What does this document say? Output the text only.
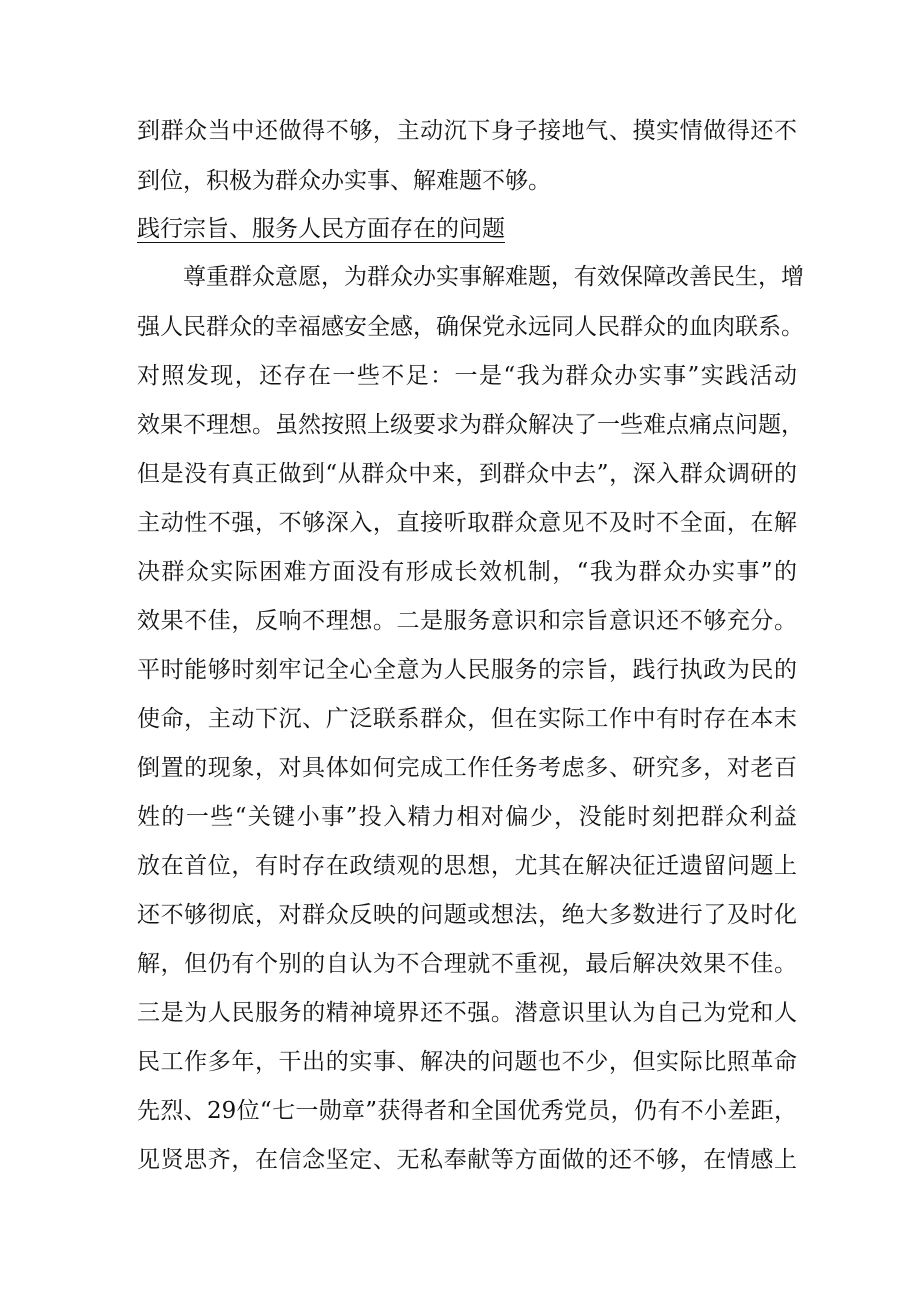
到群众当中还做得不够，主动沉下身子接地气、摸实情做得还不
到位，积极为群众办实事、解难题不够。
践行宗旨、服务人民方面存在的问题
尊重群众意愿，为群众办实事解难题，有效保障改善民生，增
强人民群众的幸福感安全感，确保党永远同人民群众的血肉联系。
对照发现，还存在一些不足：一是“我为群众办实事”实践活动
效果不理想。虽然按照上级要求为群众解决了一些难点痛点问题，
但是没有真正做到“从群众中来，到群众中去”，深入群众调研的
主动性不强，不够深入，直接听取群众意见不及时不全面，在解
决群众实际困难方面没有形成长效机制，“我为群众办实事”的
效果不佳，反响不理想。二是服务意识和宗旨意识还不够充分。
平时能够时刻牢记全心全意为人民服务的宗旨，践行执政为民的
使命，主动下沉、广泛联系群众，但在实际工作中有时存在本末
倒置的现象，对具体如何完成工作任务考虑多、研究多，对老百
姓的一些“关键小事”投入精力相对偏少，没能时刻把群众利益
放在首位，有时存在政绩观的思想，尤其在解决征迁遗留问题上
还不够彻底，对群众反映的问题或想法，绝大多数进行了及时化
解，但仍有个别的自认为不合理就不重视，最后解决效果不佳。
三是为人民服务的精神境界还不强。潜意识里认为自己为党和人
民工作多年，干出的实事、解决的问题也不少，但实际比照革命
先烈、29位“七一勋章”获得者和全国优秀党员，仍有不小差距，
见贤思齐，在信念坚定、无私奉献等方面做的还不够，在情感上
